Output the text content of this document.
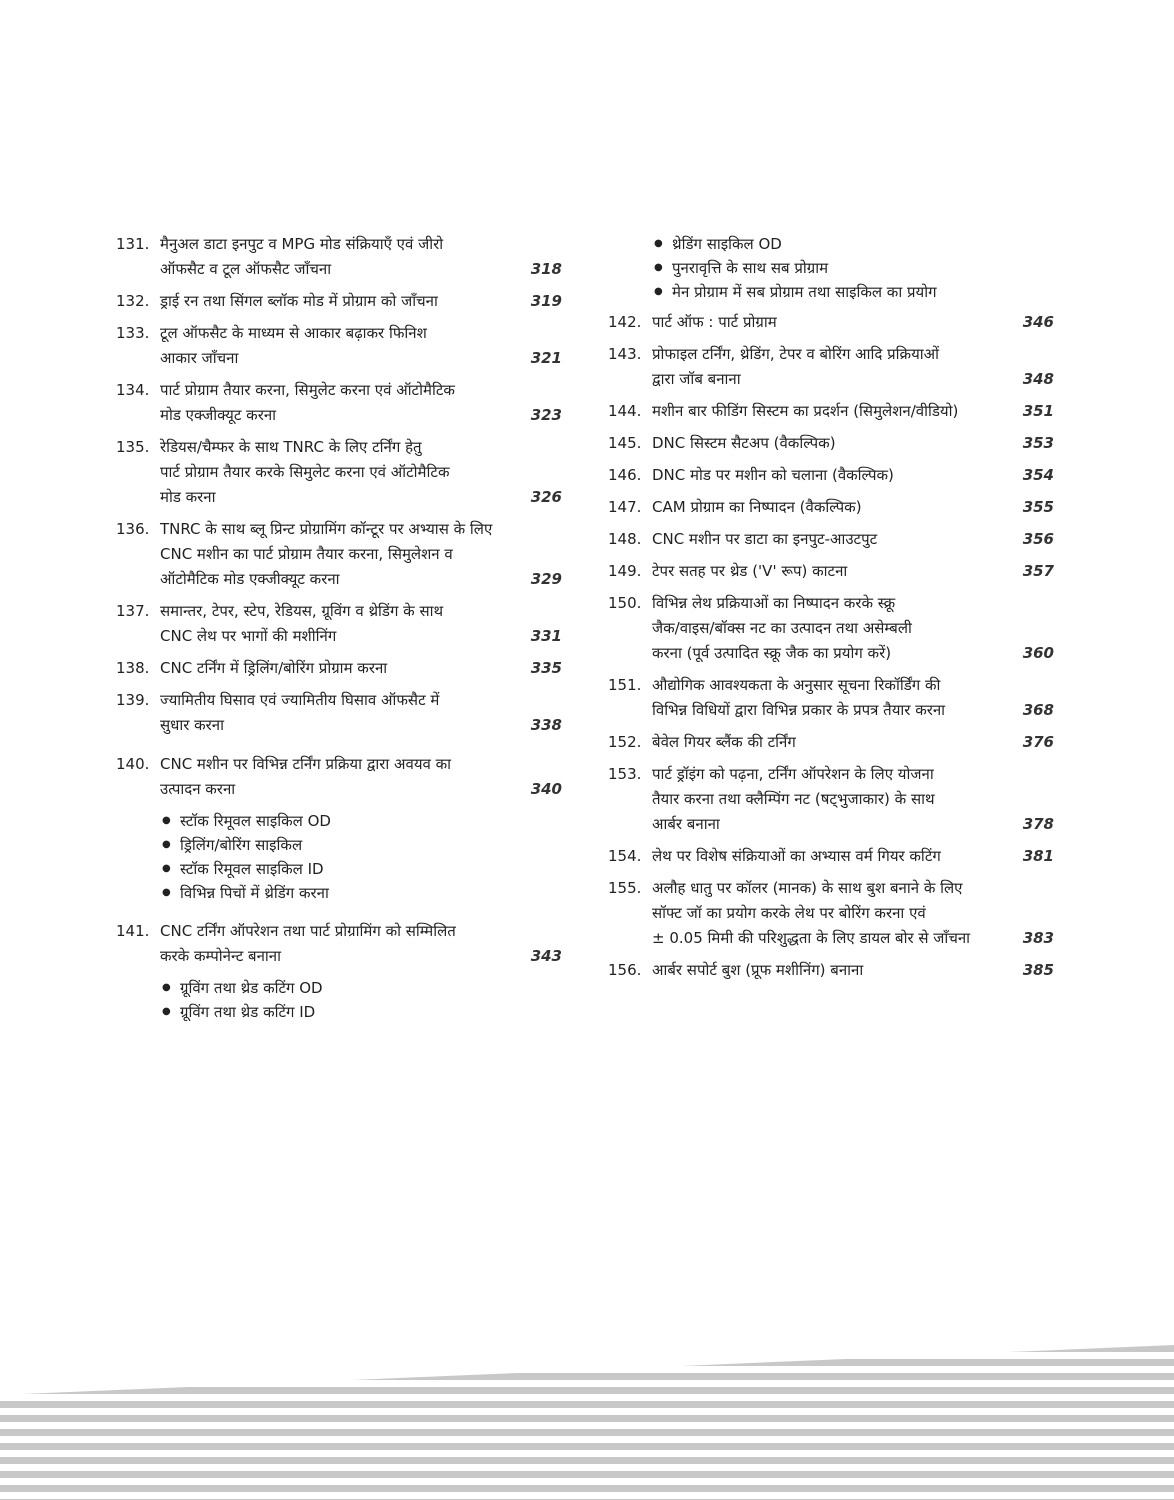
131. मैनुअल डाटा इनपुट व MPG मोड संक्रियाएँ एवं जीरो
ऑफसैट व टूल ऑफसैट जाँचना	318
132. ड्राई रन तथा सिंगल ब्लॉक मोड में प्रोग्राम को जाँचना	319
133. टूल ऑफसैट के माध्यम से आकार बढ़ाकर फिनिश
आकार जाँचना	321
134. पार्ट प्रोग्राम तैयार करना, सिमुलेट करना एवं ऑटोमैटिक
मोड एक्जीक्यूट करना	323
135. रेडियस/चैम्फर के साथ TNRC के लिए टर्निंग हेतु
पार्ट प्रोग्राम तैयार करके सिमुलेट करना एवं ऑटोमैटिक
मोड करना	326
136. TNRC के साथ ब्लू प्रिन्ट प्रोग्रामिंग कॉन्टूर पर अभ्यास के लिए
CNC मशीन का पार्ट प्रोग्राम तैयार करना, सिमुलेशन व
ऑटोमैटिक मोड एक्जीक्यूट करना	329
137. समान्तर, टेपर, स्टेप, रेडियस, ग्रूविंग व थ्रेडिंग के साथ
CNC लेथ पर भागों की मशीनिंग	331
138. CNC टर्निंग में ड्रिलिंग/बोरिंग प्रोग्राम करना	335
139. ज्यामितीय घिसाव एवं ज्यामितीय घिसाव ऑफसैट में
सुधार करना	338
140. CNC मशीन पर विभिन्न टर्निंग प्रक्रिया द्वारा अवयव का
उत्पादन करना	340
● स्टॉक रिमूवल साइकिल OD
● ड्रिलिंग/बोरिंग साइकिल
● स्टॉक रिमूवल साइकिल ID
● विभिन्न पिचों में थ्रेडिंग करना
141. CNC टर्निंग ऑपरेशन तथा पार्ट प्रोग्रामिंग को सम्मिलित
करके कम्पोनेन्ट बनाना	343
● ग्रूविंग तथा थ्रेड कटिंग OD
● ग्रूविंग तथा थ्रेड कटिंग ID
● थ्रेडिंग साइकिल OD
● पुनरावृत्ति के साथ सब प्रोग्राम
● मेन प्रोग्राम में सब प्रोग्राम तथा साइकिल का प्रयोग
142. पार्ट ऑफ : पार्ट प्रोग्राम	346
143. प्रोफाइल टर्निंग, थ्रेडिंग, टेपर व बोरिंग आदि प्रक्रियाओं
द्वारा जॉब बनाना	348
144. मशीन बार फीडिंग सिस्टम का प्रदर्शन (सिमुलेशन/वीडियो)	351
145. DNC सिस्टम सैटअप (वैकल्पिक)	353
146. DNC मोड पर मशीन को चलाना (वैकल्पिक)	354
147. CAM प्रोग्राम का निष्पादन (वैकल्पिक)	355
148. CNC मशीन पर डाटा का इनपुट-आउटपुट	356
149. टेपर सतह पर थ्रेड ('V' रूप) काटना	357
150. विभिन्न लेथ प्रक्रियाओं का निष्पादन करके स्क्रू
जैक/वाइस/बॉक्स नट का उत्पादन तथा असेम्बली
करना (पूर्व उत्पादित स्क्रू जैक का प्रयोग करें)	360
151. औद्योगिक आवश्यकता के अनुसार सूचना रिकॉर्डिंग की
विभिन्न विधियों द्वारा विभिन्न प्रकार के प्रपत्र तैयार करना	368
152. बेवेल गियर ब्लैंक की टर्निंग	376
153. पार्ट ड्रॉइंग को पढ़ना, टर्निंग ऑपरेशन के लिए योजना
तैयार करना तथा क्लैम्पिंग नट (षट्भुजाकार) के साथ
आर्बर बनाना	378
154. लेथ पर विशेष संक्रियाओं का अभ्यास वर्म गियर कटिंग	381
155. अलौह धातु पर कॉलर (मानक) के साथ बुश बनाने के लिए
सॉफ्ट जॉ का प्रयोग करके लेथ पर बोरिंग करना एवं
± 0.05 मिमी की परिशुद्धता के लिए डायल बोर से जाँचना	383
156. आर्बर सपोर्ट बुश (प्रूफ मशीनिंग) बनाना	385
